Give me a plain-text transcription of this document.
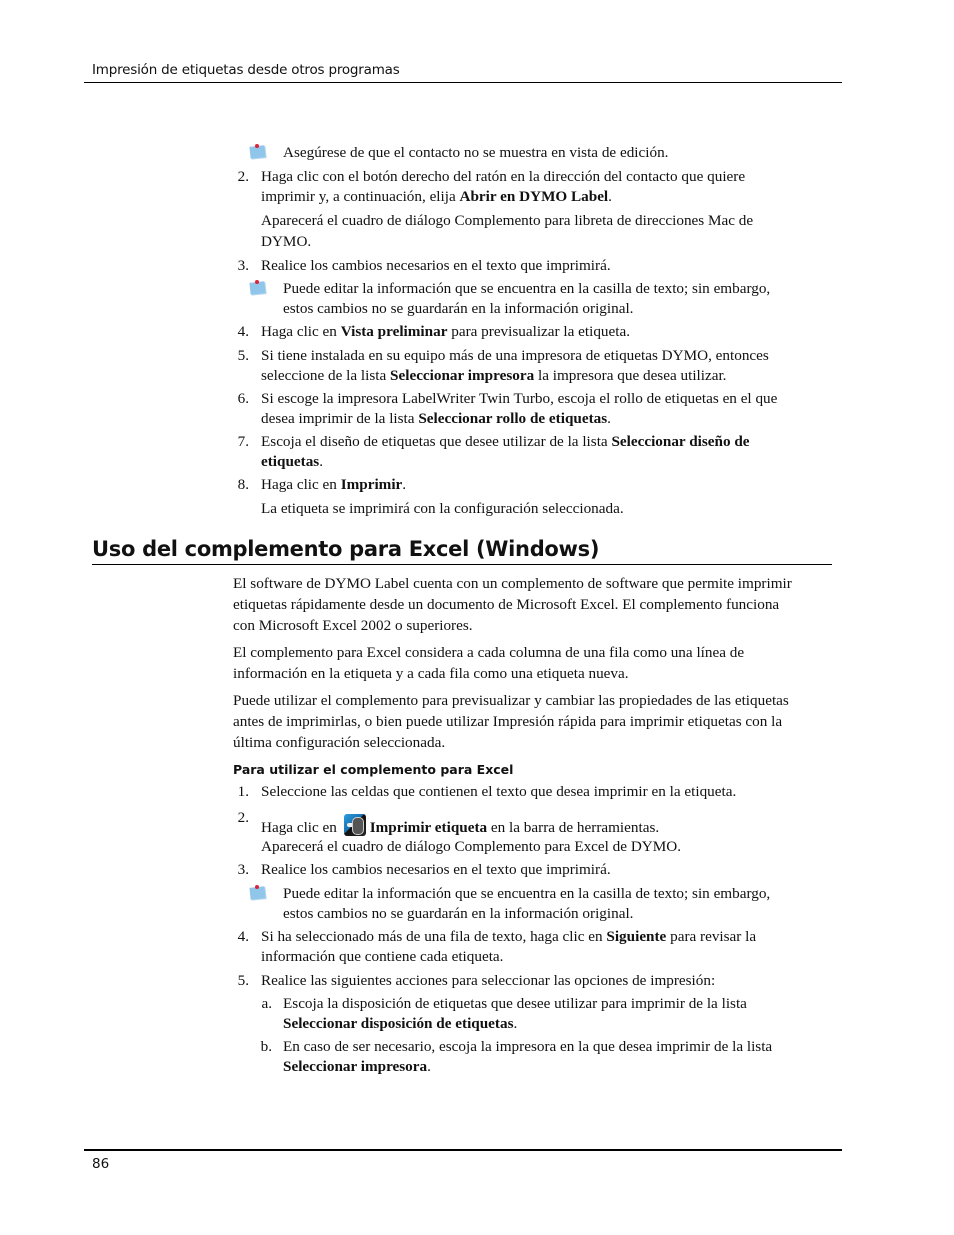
Impresión de etiquetas desde otros programas
Asegúrese de que el contacto no se muestra en vista de edición.
2. Haga clic con el botón derecho del ratón en la dirección del contacto que quiere
imprimir y, a continuación, elija Abrir en DYMO Label.
Aparecerá el cuadro de diálogo Complemento para libreta de direcciones Mac de
DYMO.
3. Realice los cambios necesarios en el texto que imprimirá.
Puede editar la información que se encuentra en la casilla de texto; sin embargo,
estos cambios no se guardarán en la información original.
4. Haga clic en Vista preliminar para previsualizar la etiqueta.
5. Si tiene instalada en su equipo más de una impresora de etiquetas DYMO, entonces
seleccione de la lista Seleccionar impresora la impresora que desea utilizar.
6. Si escoge la impresora LabelWriter Twin Turbo, escoja el rollo de etiquetas en el que
desea imprimir de la lista Seleccionar rollo de etiquetas.
7. Escoja el diseño de etiquetas que desee utilizar de la lista Seleccionar diseño de
etiquetas.
8. Haga clic en Imprimir.
La etiqueta se imprimirá con la configuración seleccionada.
Uso del complemento para Excel (Windows)
El software de DYMO Label cuenta con un complemento de software que permite imprimir
etiquetas rápidamente desde un documento de Microsoft Excel. El complemento funciona
con Microsoft Excel 2002 o superiores.
El complemento para Excel considera a cada columna de una fila como una línea de
información en la etiqueta y a cada fila como una etiqueta nueva.
Puede utilizar el complemento para previsualizar y cambiar las propiedades de las etiquetas
antes de imprimirlas, o bien puede utilizar Impresión rápida para imprimir etiquetas con la
última configuración seleccionada.
Para utilizar el complemento para Excel
1. Seleccione las celdas que contienen el texto que desea imprimir en la etiqueta.
2.
Haga clic en
Imprimir etiqueta en la barra de herramientas.
Aparecerá el cuadro de diálogo Complemento para Excel de DYMO.
3. Realice los cambios necesarios en el texto que imprimirá.
Puede editar la información que se encuentra en la casilla de texto; sin embargo,
estos cambios no se guardarán en la información original.
4. Si ha seleccionado más de una fila de texto, haga clic en Siguiente para revisar la
información que contiene cada etiqueta.
5. Realice las siguientes acciones para seleccionar las opciones de impresión:
a. Escoja la disposición de etiquetas que desee utilizar para imprimir de la lista
Seleccionar disposición de etiquetas.
b. En caso de ser necesario, escoja la impresora en la que desea imprimir de la lista
Seleccionar impresora.
86
